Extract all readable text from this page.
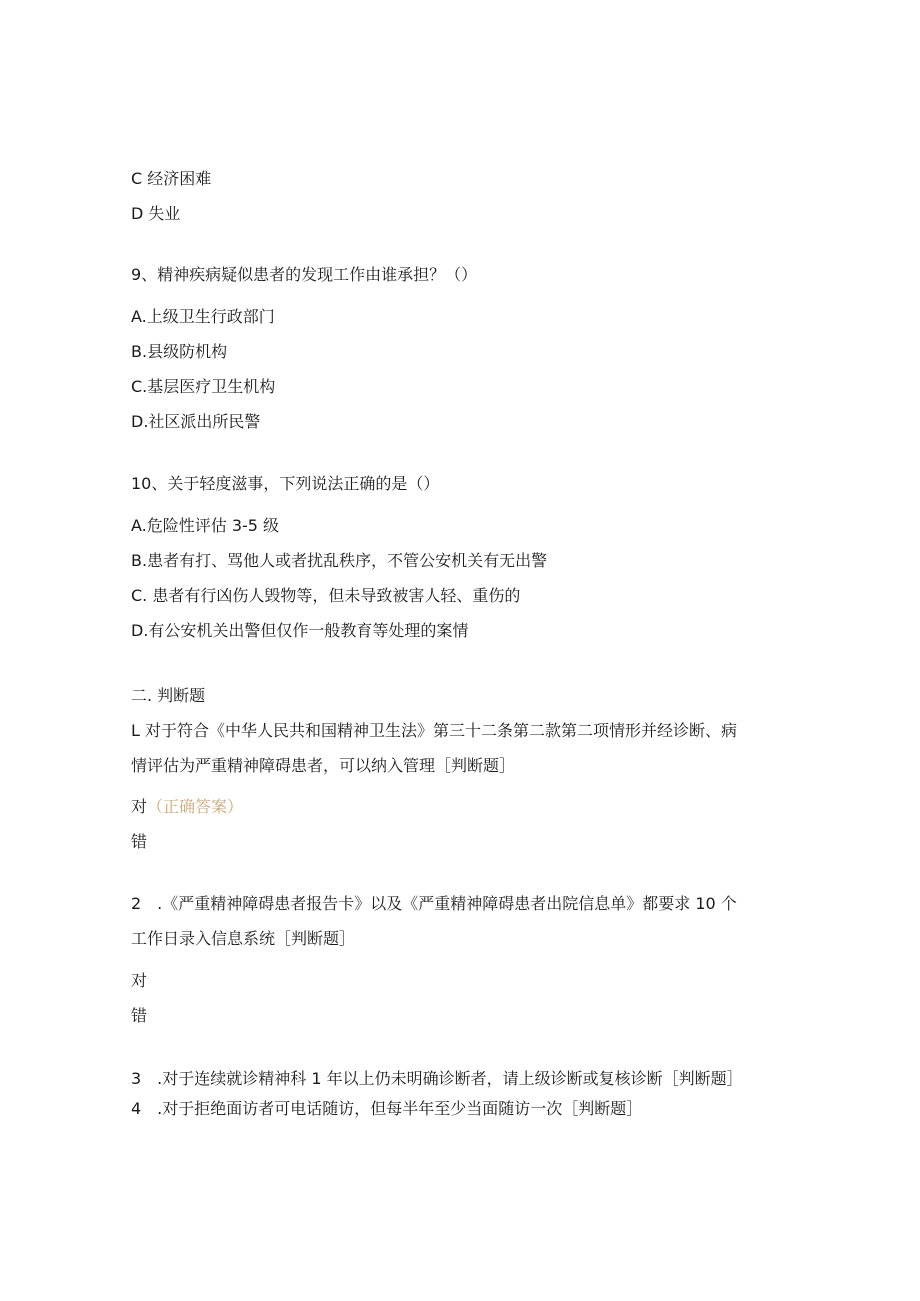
C 经济困难
D 失业
9、精神疾病疑似患者的发现工作由谁承担？（）
A.上级卫生行政部门
B.县级防机构
C.基层医疗卫生机构
D.社区派出所民警
10、关于轻度滋事，下列说法正确的是（）
A.危险性评估 3-5 级
B.患者有打、骂他人或者扰乱秩序，不管公安机关有无出警
C. 患者有行凶伤人毁物等，但未导致被害人轻、重伤的
D.有公安机关出警但仅作一般教育等处理的案情
二. 判断题
L 对于符合《中华人民共和国精神卫生法》第三十二条第二款第二项情形并经诊断、病
情评估为严重精神障碍患者，可以纳入管理［判断题］
对（正确答案）
错
2　.《严重精神障碍患者报告卡》以及《严重精神障碍患者出院信息单》都要求 10 个
工作日录入信息系统［判断题］
对
错
3　.对于连续就诊精神科 1 年以上仍未明确诊断者，请上级诊断或复核诊断［判断题］
4　.对于拒绝面访者可电话随访，但每半年至少当面随访一次［判断题］
